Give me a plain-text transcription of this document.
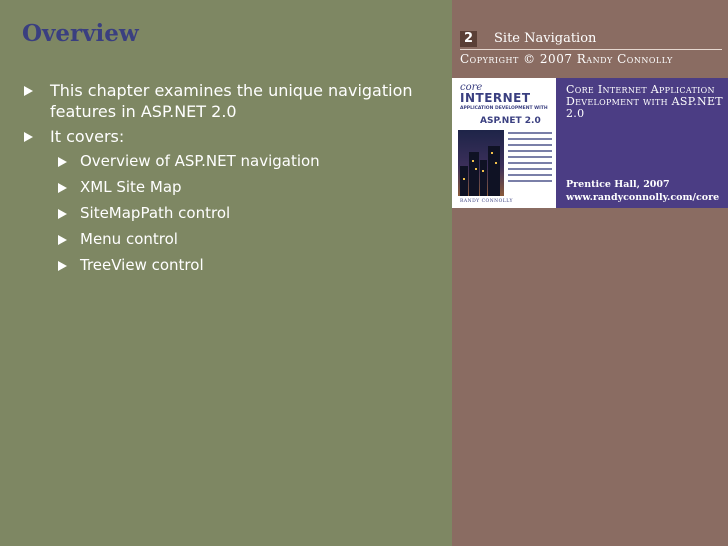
Overview
This chapter examines the unique navigation features in ASP.NET 2.0
It covers:
Overview of ASP.NET navigation
XML Site Map
SiteMapPath control
Menu control
TreeView control
2	Site Navigation
Copyright © 2007 Randy Connolly
core
INTERNET
APPLICATION DEVELOPMENT WITH
ASP.NET 2.0
RANDY CONNOLLY
Core Internet Application Development with ASP.NET 2.0
Prentice Hall, 2007
www.randyconnolly.com/core
